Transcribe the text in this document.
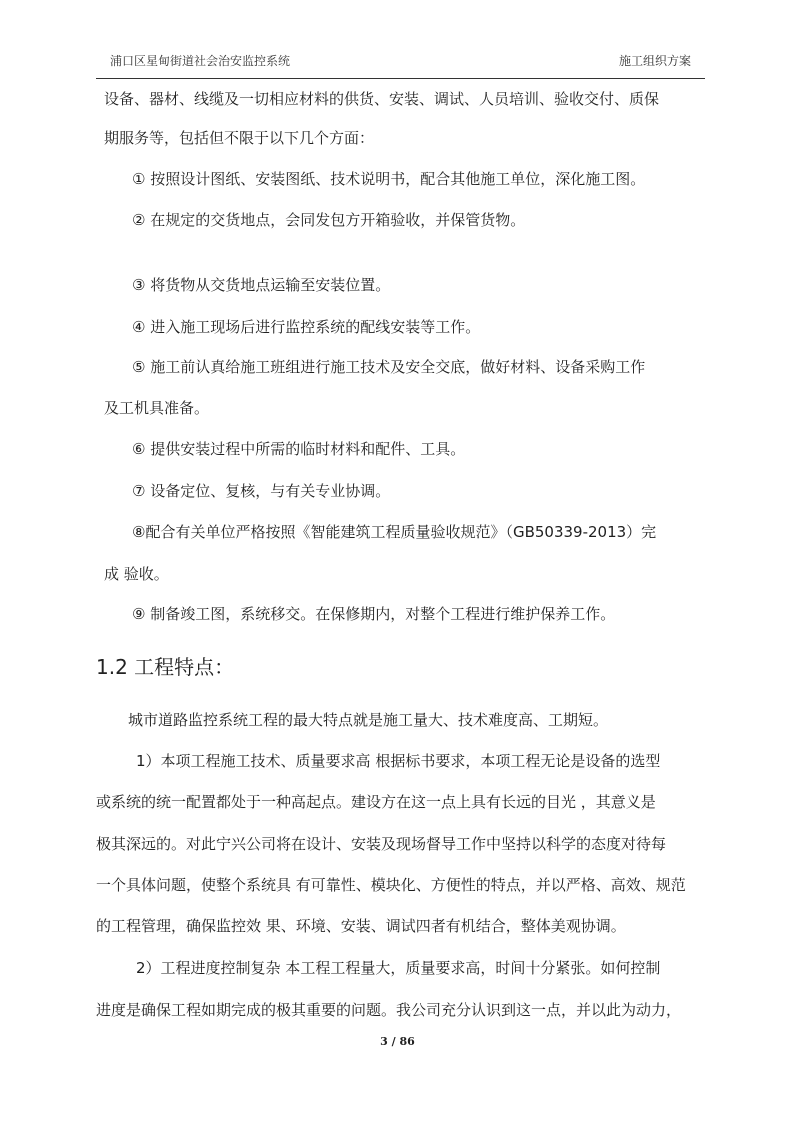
浦口区星甸街道社会治安监控系统	施工组织方案
设备、器材、线缆及一切相应材料的供货、安装、调试、人员培训、验收交付、质保
期服务等，包括但不限于以下几个方面：
① 按照设计图纸、安装图纸、技术说明书，配合其他施工单位，深化施工图。
② 在规定的交货地点，会同发包方开箱验收，并保管货物。
③ 将货物从交货地点运输至安装位置。
④ 进入施工现场后进行监控系统的配线安装等工作。
⑤ 施工前认真给施工班组进行施工技术及安全交底，做好材料、设备采购工作
及工机具准备。
⑥ 提供安装过程中所需的临时材料和配件、工具。
⑦ 设备定位、复核，与有关专业协调。
⑧配合有关单位严格按照《智能建筑工程质量验收规范》（GB50339-2013）完
成 验收。
⑨ 制备竣工图，系统移交。在保修期内，对整个工程进行维护保养工作。
1.2 工程特点：
城市道路监控系统工程的最大特点就是施工量大、技术难度高、工期短。
1）本项工程施工技术、质量要求高 根据标书要求，本项工程无论是设备的选型
或系统的统一配置都处于一种高起点。建设方在这一点上具有长远的目光 ，其意义是
极其深远的。对此宁兴公司将在设计、安装及现场督导工作中坚持以科学的态度对待每
一个具体问题，使整个系统具 有可靠性、模块化、方便性的特点，并以严格、高效、规范
的工程管理，确保监控效 果、环境、安装、调试四者有机结合，整体美观协调。
2）工程进度控制复杂 本工程工程量大，质量要求高，时间十分紧张。如何控制
进度是确保工程如期完成的极其重要的问题。我公司充分认识到这一点，并以此为动力，
3 / 86
